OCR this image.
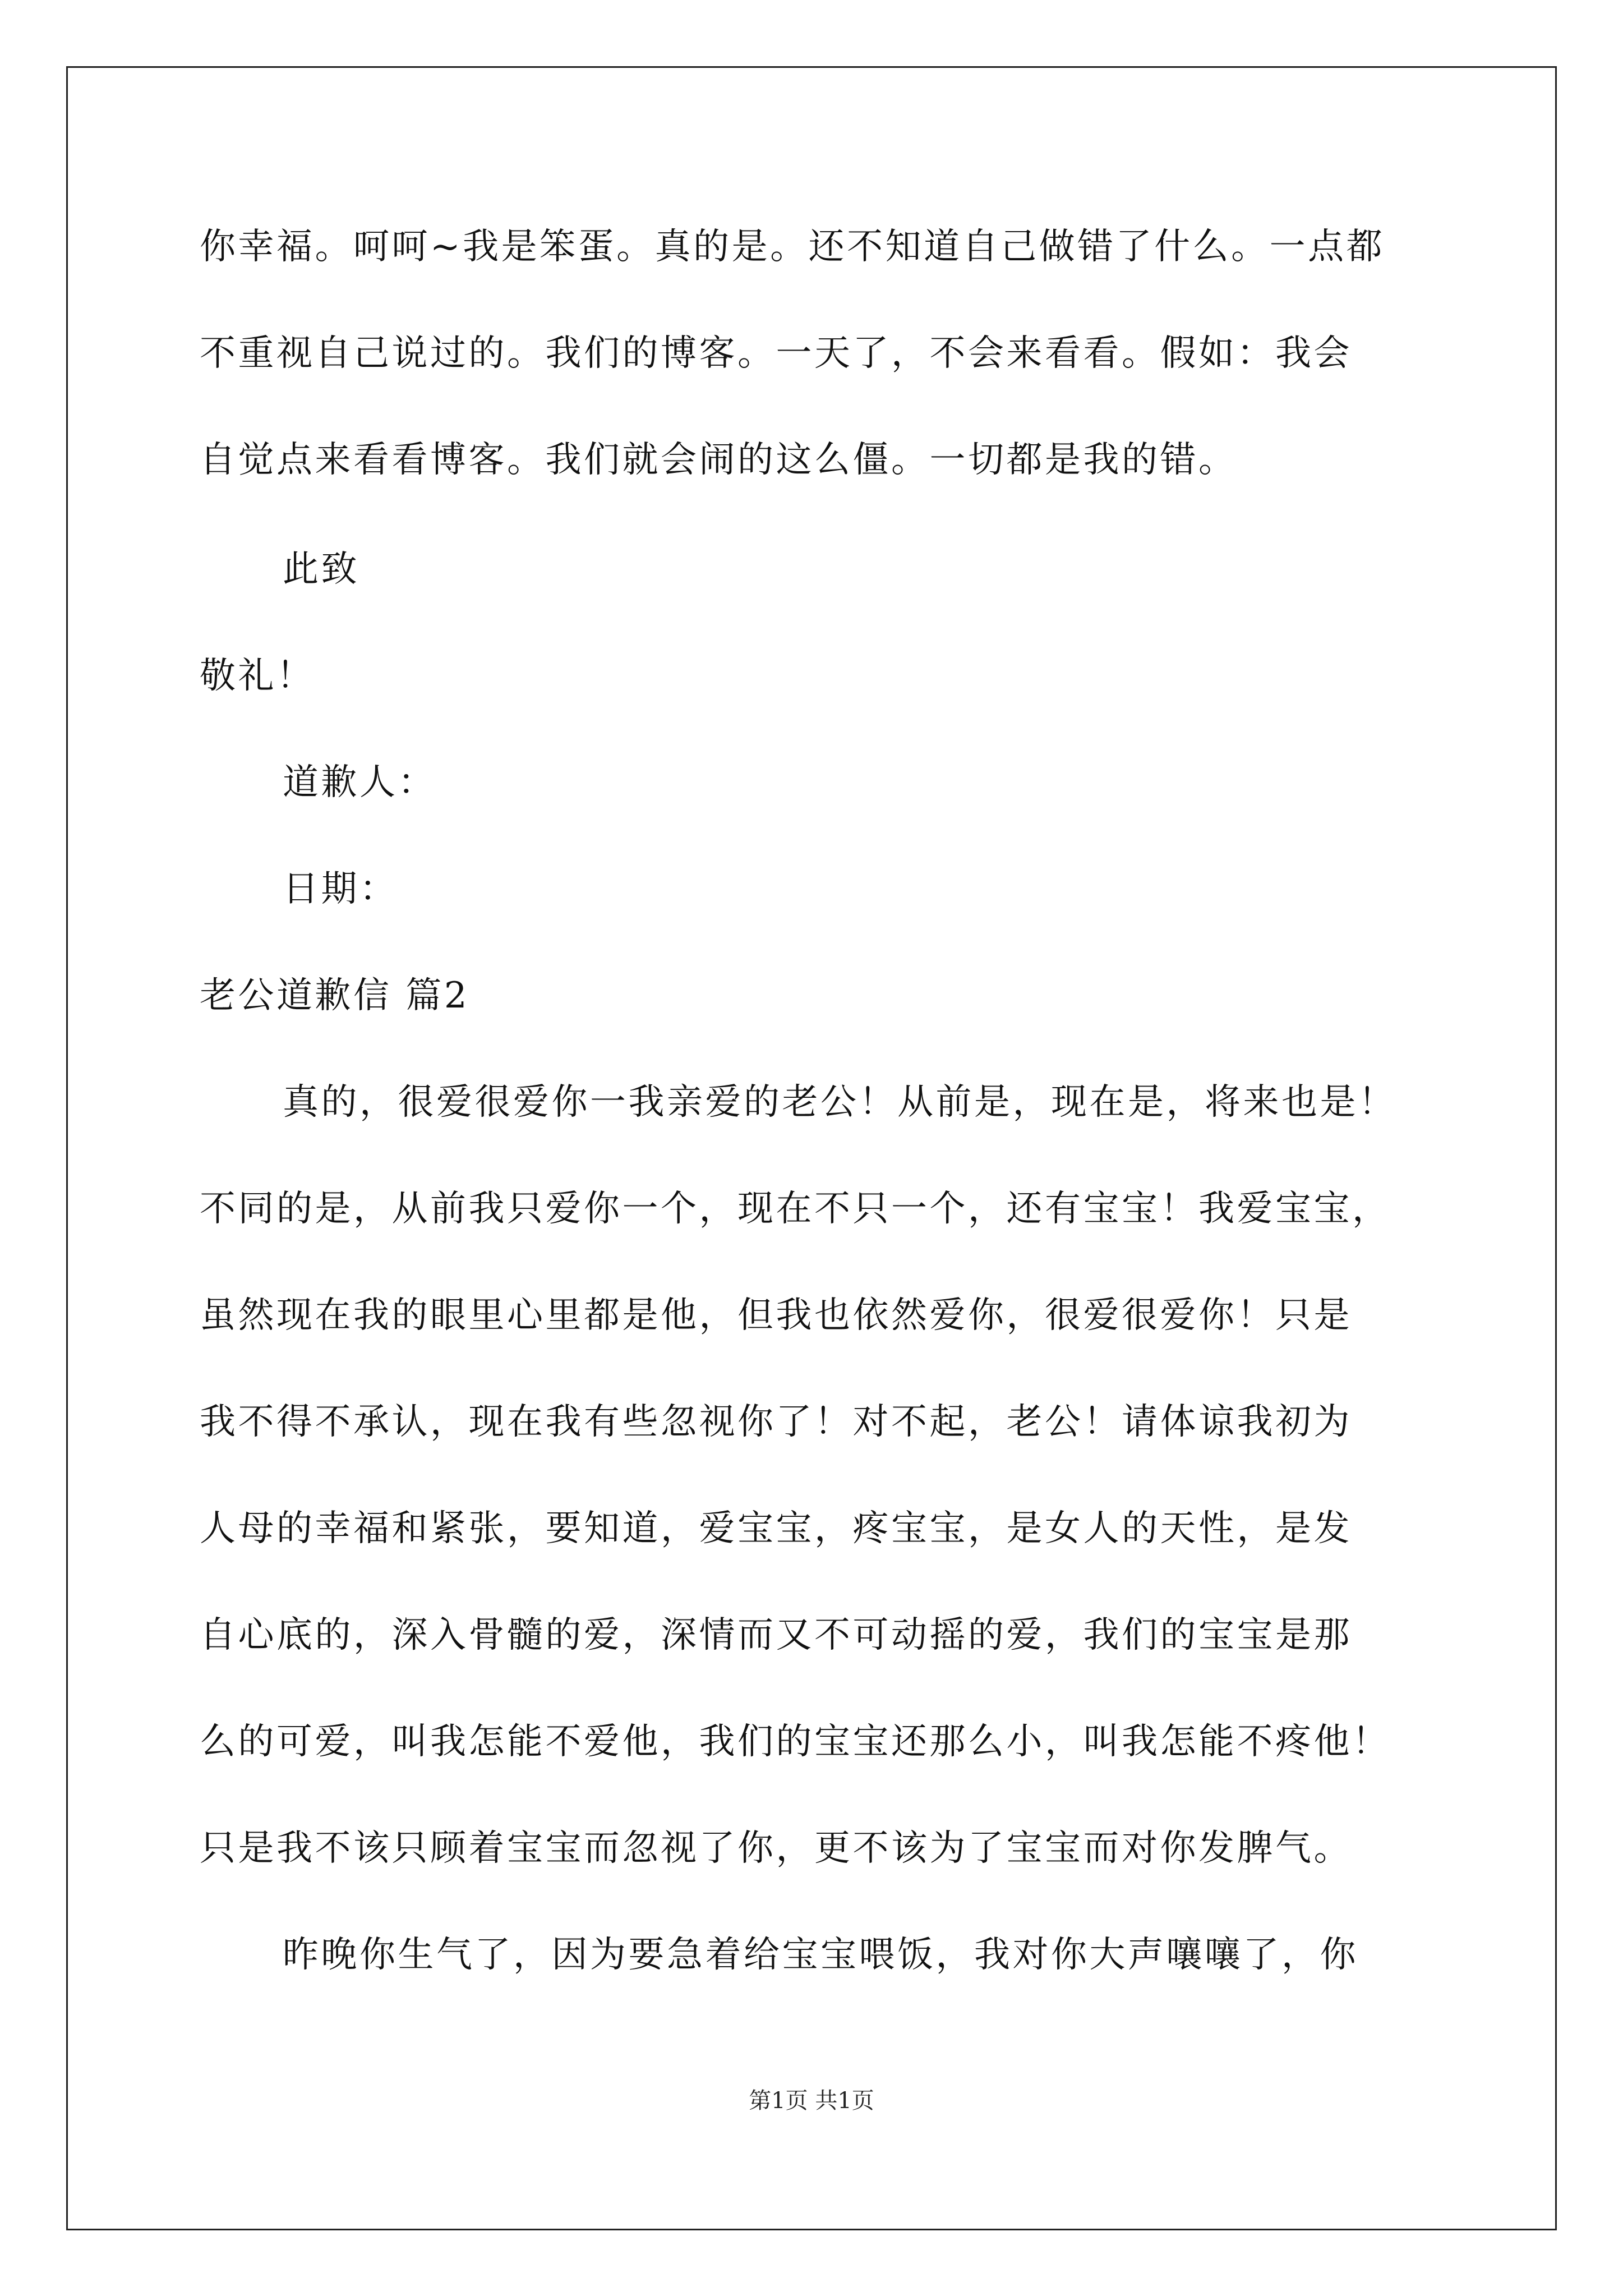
你幸福。呵呵~我是笨蛋。真的是。还不知道自己做错了什么。一点都
不重视自己说过的。我们的博客。一天了，不会来看看。假如：我会
自觉点来看看博客。我们就会闹的这么僵。一切都是我的错。
此致
敬礼！
道歉人：
日期：
老公道歉信 篇2
真的，很爱很爱你一我亲爱的老公！从前是，现在是，将来也是！
不同的是，从前我只爱你一个，现在不只一个，还有宝宝！我爱宝宝，
虽然现在我的眼里心里都是他，但我也依然爱你，很爱很爱你！只是
我不得不承认，现在我有些忽视你了！对不起，老公！请体谅我初为
人母的幸福和紧张，要知道，爱宝宝，疼宝宝，是女人的天性，是发
自心底的，深入骨髓的爱，深情而又不可动摇的爱，我们的宝宝是那
么的可爱，叫我怎能不爱他，我们的宝宝还那么小，叫我怎能不疼他！
只是我不该只顾着宝宝而忽视了你，更不该为了宝宝而对你发脾气。
昨晚你生气了，因为要急着给宝宝喂饭，我对你大声嚷嚷了，你
第1页 共1页
